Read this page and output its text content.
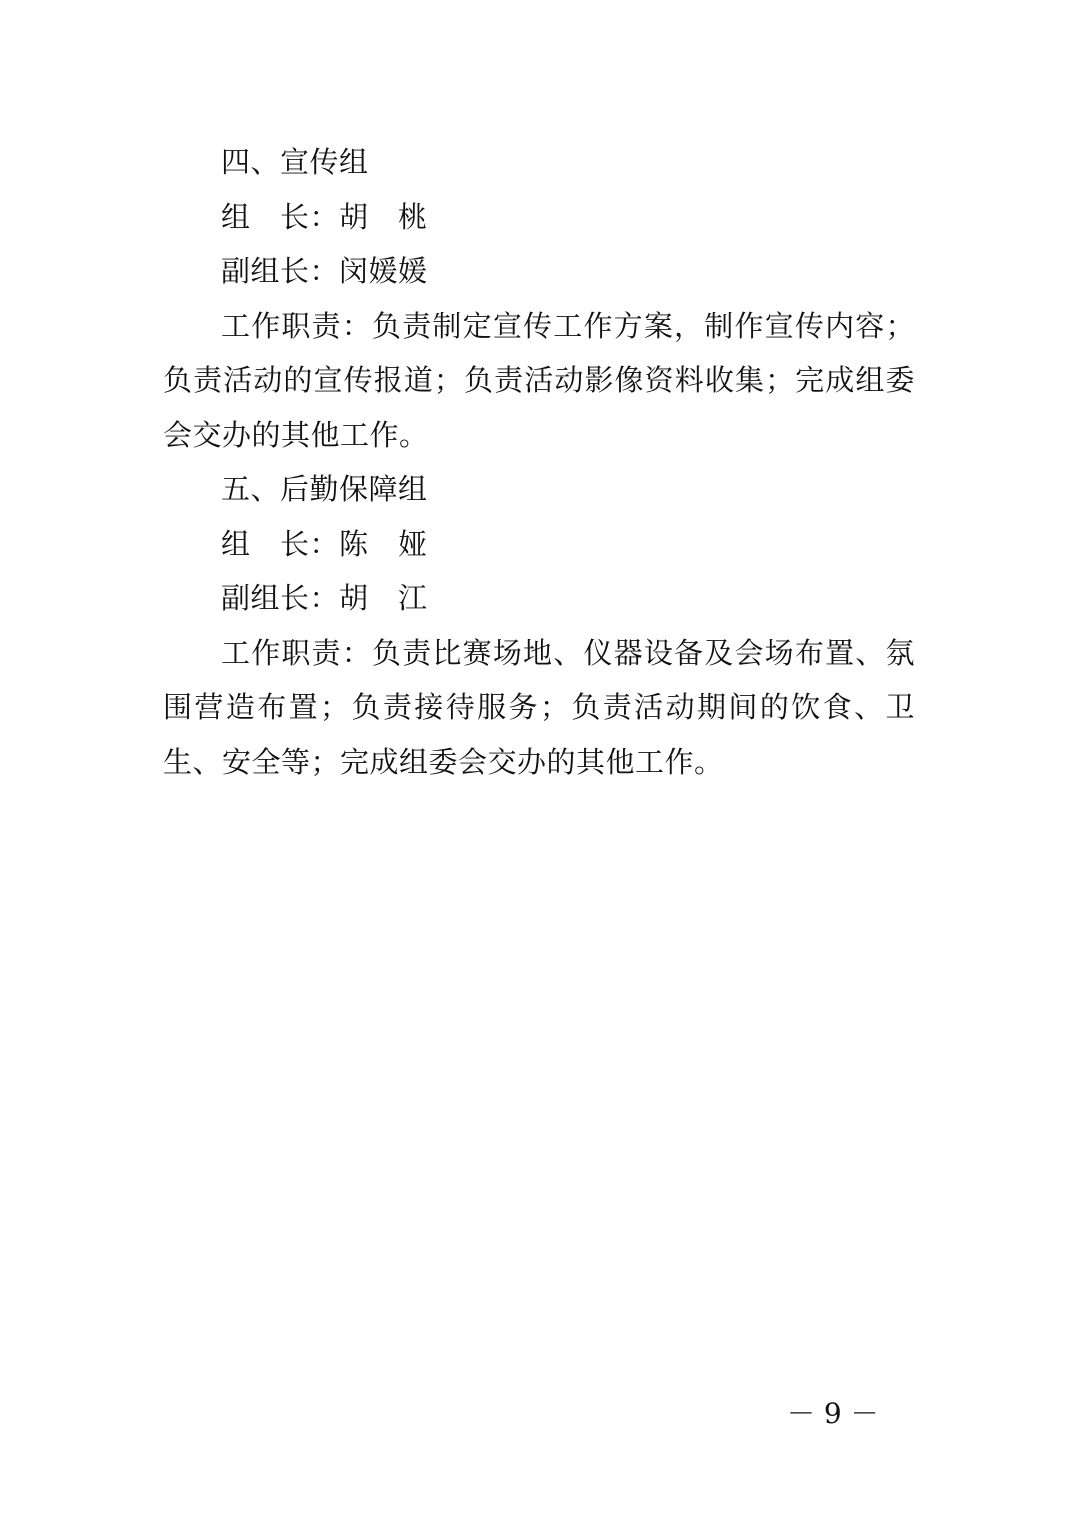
四、宣传组

组　长：胡　桃

副组长：闵媛媛

工作职责：负责制定宣传工作方案，制作宣传内容；负责活动的宣传报道；负责活动影像资料收集；完成组委会交办的其他工作。

五、后勤保障组

组　长：陈　娅

副组长：胡　江

工作职责：负责比赛场地、仪器设备及会场布置、氛围营造布置；负责接待服务；负责活动期间的饮食、卫生、安全等；完成组委会交办的其他工作。

－ 9 －
